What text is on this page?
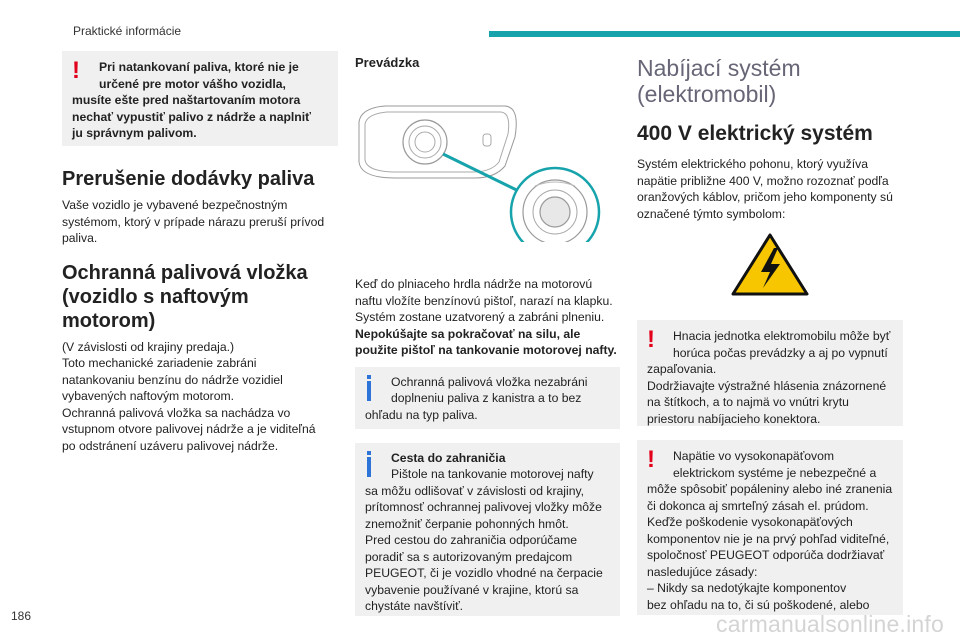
Praktické informácie
! Pri natankovaní paliva, ktoré nie je
určené pre motor vášho vozidla,
musíte ešte pred naštartovaním motora
nechať vypustiť palivo z nádrže a naplniť
ju správnym palivom.
Prerušenie dodávky paliva
Vaše vozidlo je vybavené bezpečnostným
systémom, ktorý v prípade nárazu preruší prívod
paliva.
Ochranná palivová vložka
(vozidlo s naftovým
motorom)
(V závislosti od krajiny predaja.)
Toto mechanické zariadenie zabráni
natankovaniu benzínu do nádrže vozidiel
vybavených naftovým motorom.
Ochranná palivová vložka sa nachádza vo
vstupnom otvore palivovej nádrže a je viditeľná
po odstránení uzáveru palivovej nádrže.
Prevádzka
Keď do plniaceho hrdla nádrže na motorovú
naftu vložíte benzínovú pištoľ, narazí na klapku.
Systém zostane uzatvorený a zabráni plneniu.
Nepokúšajte sa pokračovať na silu, ale
použite pištoľ na tankovanie motorovej nafty.
Ochranná palivová vložka nezabráni
doplneniu paliva z kanistra a to bez
ohľadu na typ paliva.
Cesta do zahraničia
Pištole na tankovanie motorovej nafty
sa môžu odlišovať v závislosti od krajiny,
prítomnosť ochrannej palivovej vložky môže
znemožniť čerpanie pohonných hmôt.
Pred cestou do zahraničia odporúčame
poradiť sa s autorizovaným predajcom
PEUGEOT, či je vozidlo vhodné na čerpacie
vybavenie používané v krajine, ktorú sa
chystáte navštíviť.
Nabíjací systém
(elektromobil)
400 V elektrický systém
Systém elektrického pohonu, ktorý využíva
napätie približne 400 V, možno rozoznať podľa
oranžových káblov, pričom jeho komponenty sú
označené týmto symbolom:
! Hnacia jednotka elektromobilu môže byť
horúca počas prevádzky a aj po vypnutí
zapaľovania.
Dodržiavajte výstražné hlásenia znázornené
na štítkoch, a to najmä vo vnútri krytu
priestoru nabíjacieho konektora.
! Napätie vo vysokonapäťovom
elektrickom systéme je nebezpečné a
môže spôsobiť popáleniny alebo iné zranenia
či dokonca aj smrteľný zásah el. prúdom.
Keďže poškodenie vysokonapäťových
komponentov nie je na prvý pohľad viditeľné,
spoločnosť PEUGEOT odporúča dodržiavať
nasledujúce zásady:
– Nikdy sa nedotýkajte komponentov
bez ohľadu na to, či sú poškodené, alebo
186	carmanualsonline.info
